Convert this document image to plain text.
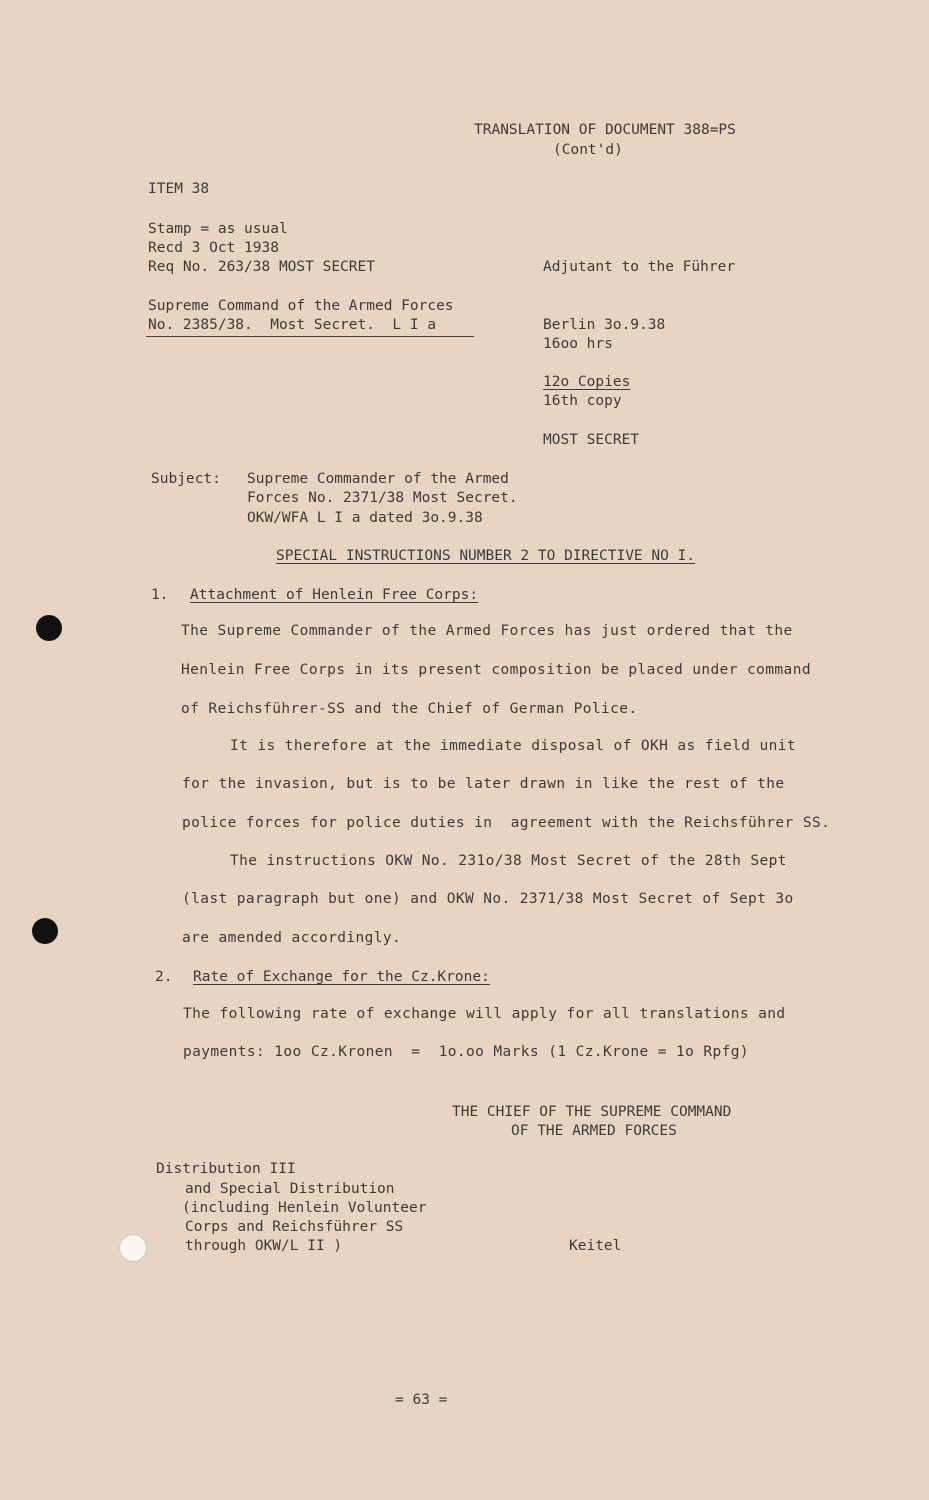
TRANSLATION OF DOCUMENT 388=PS
(Cont'd)
ITEM 38
Stamp = as usual
Recd 3 Oct 1938
Req No. 263/38 MOST SECRET	Adjutant to the Führer
Supreme Command of the Armed Forces
No. 2385/38.  Most Secret.  L I a	Berlin 3o.9.38
16oo hrs
12o Copies
16th copy
MOST SECRET
Subject: Supreme Commander of the Armed
Forces No. 2371/38 Most Secret.
OKW/WFA L I a dated 3o.9.38
SPECIAL INSTRUCTIONS NUMBER 2 TO DIRECTIVE NO I.
1. Attachment of Henlein Free Corps:
The Supreme Commander of the Armed Forces has just ordered that the
Henlein Free Corps in its present composition be placed under command
of Reichsführer-SS and the Chief of German Police.
It is therefore at the immediate disposal of OKH as field unit
for the invasion, but is to be later drawn in like the rest of the
police forces for police duties in  agreement with the Reichsführer SS.
The instructions OKW No. 231o/38 Most Secret of the 28th Sept
(last paragraph but one) and OKW No. 2371/38 Most Secret of Sept 3o
are amended accordingly.
2. Rate of Exchange for the Cz.Krone:
The following rate of exchange will apply for all translations and
payments: 1oo Cz.Kronen  =  1o.oo Marks (1 Cz.Krone = 1o Rpfg)
THE CHIEF OF THE SUPREME COMMAND
OF THE ARMED FORCES
Distribution III
and Special Distribution
(including Henlein Volunteer
Corps and Reichsführer SS
through OKW/L II )	Keitel
= 63 =
